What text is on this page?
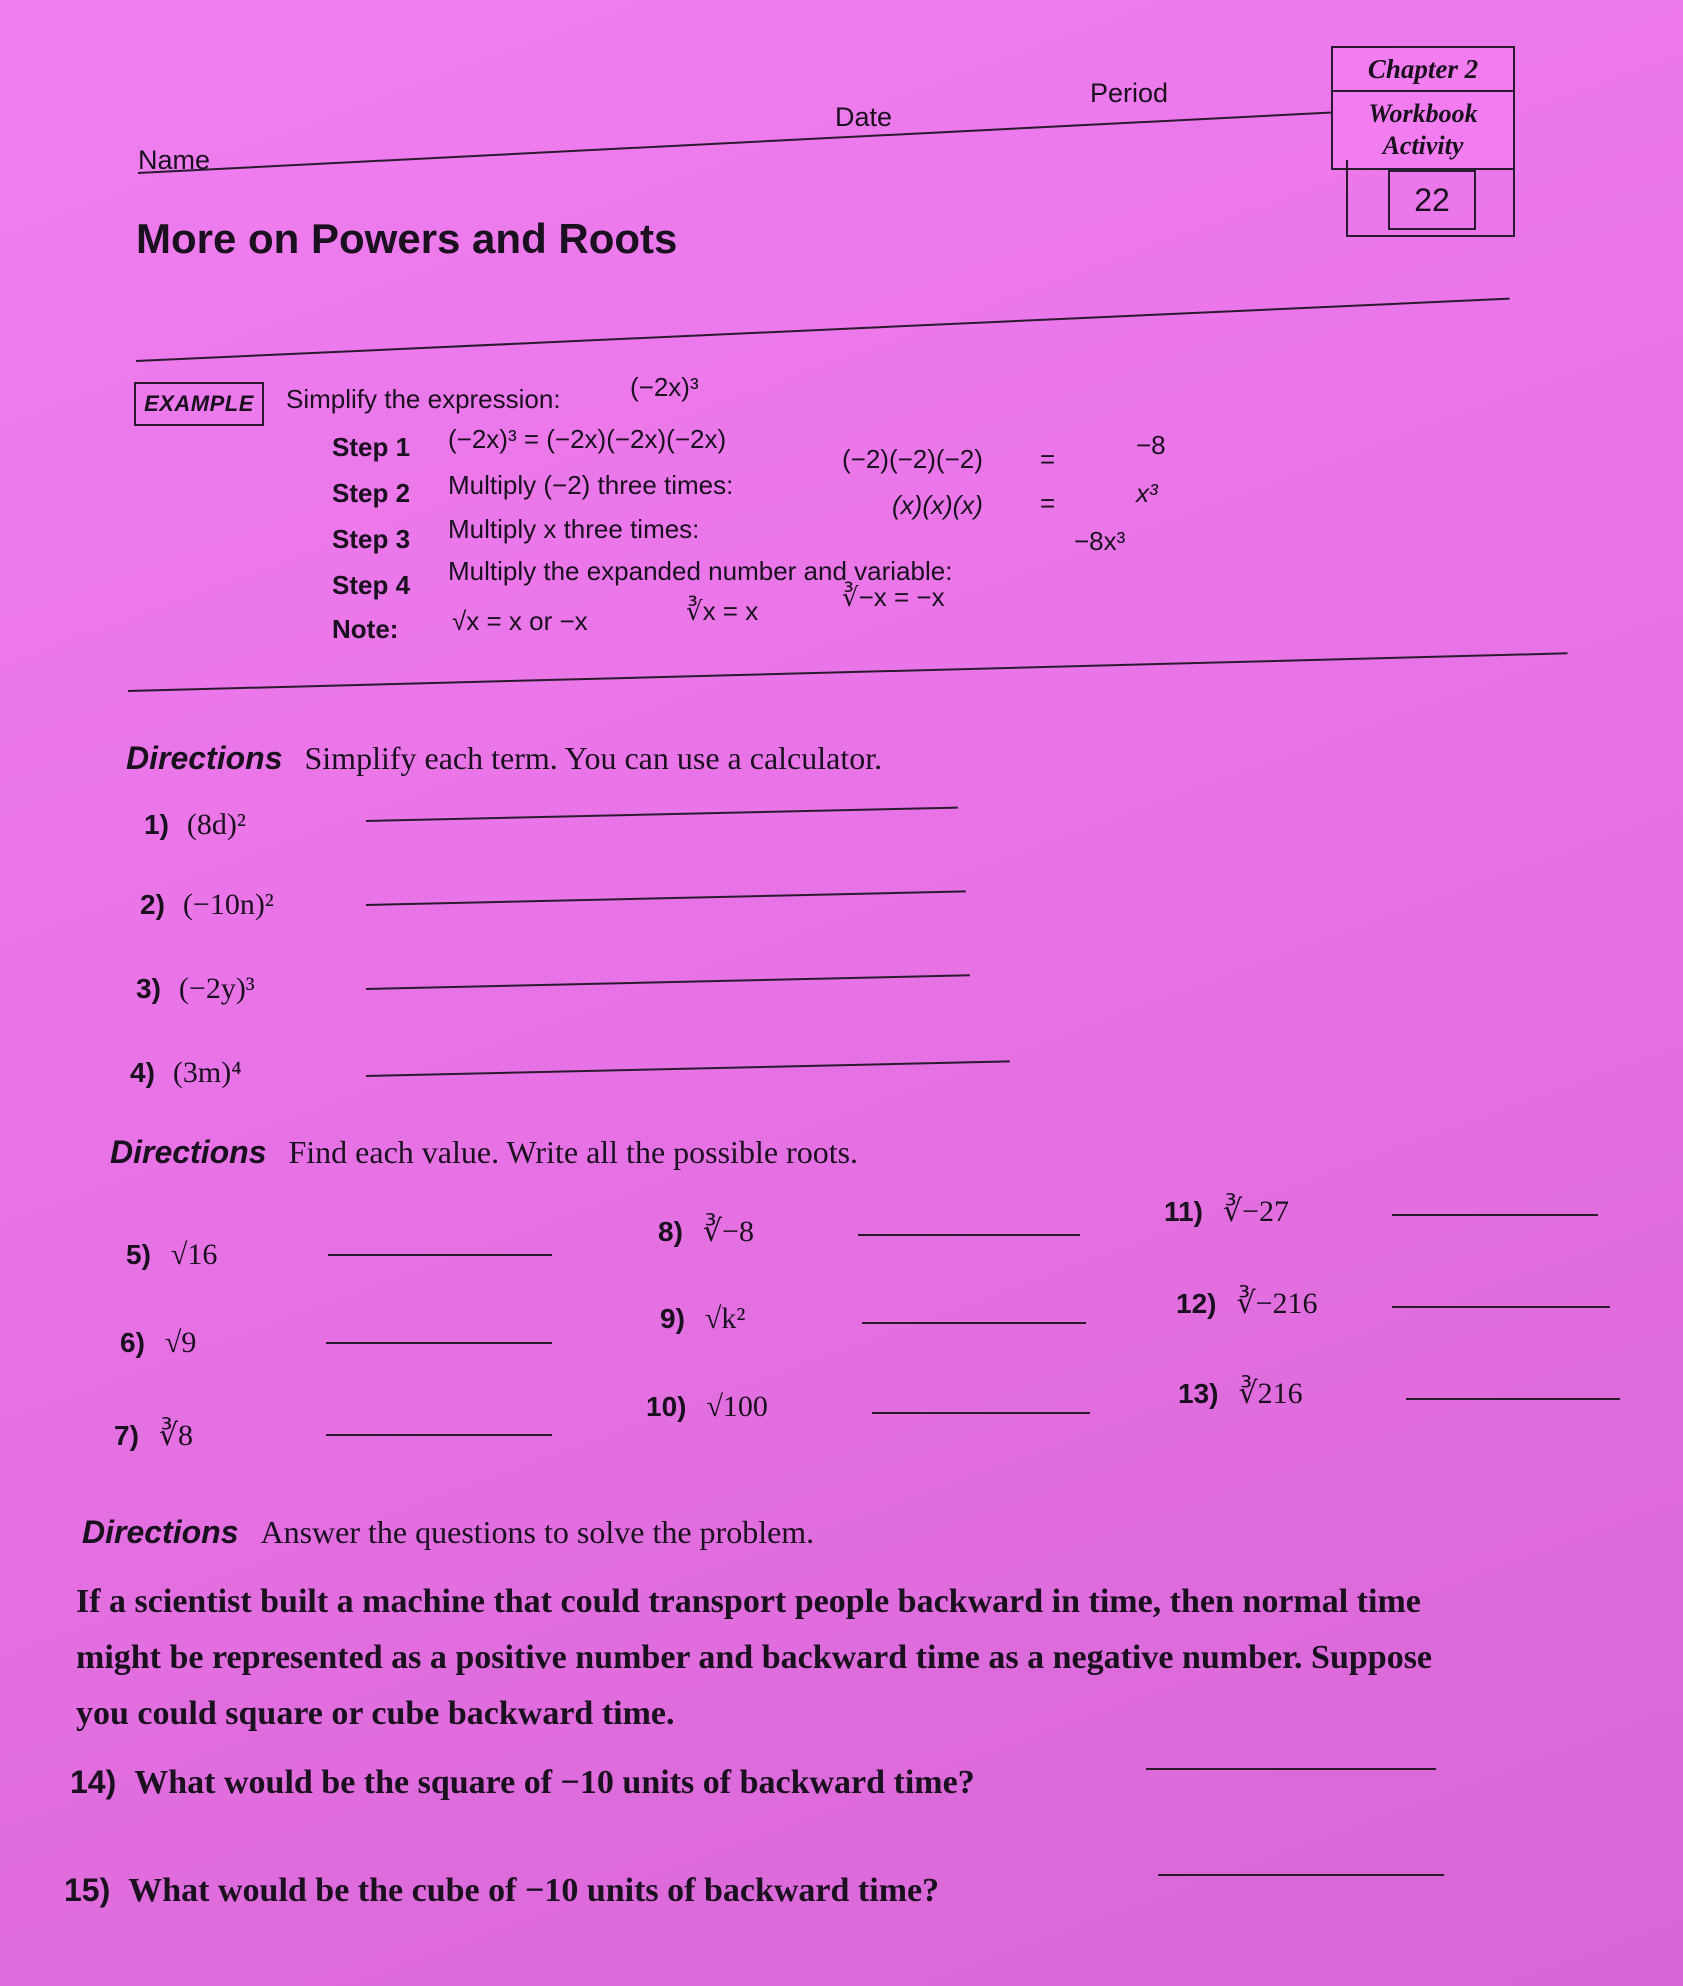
Name
Date
Period
Chapter 2
Workbook
Activity
22
More on Powers and Roots
EXAMPLE	Simplify the expression:	(−2x)³
Step 1 (−2x)³ = (−2x)(−2x)(−2x)
Step 2 Multiply (−2) three times:
(−2)(−2)(−2) =	−8
Step 3 Multiply x three times:
(x)(x)(x) =	x³
Step 4 Multiply the expanded number and variable:
−8x³
Note: √x = x or −x	∛x = x	∛−x = −x
Directions Simplify each term. You can use a calculator.
1) (8d)²
2) (−10n)²
3) (−2y)³
4) (3m)⁴
Directions Find each value. Write all the possible roots.
5) √16
6) √9
7) ∛8
8) ∛−8
9) √k²
10) √100
11) ∛−27
12) ∛−216
13) ∛216
Directions Answer the questions to solve the problem.
If a scientist built a machine that could transport people backward in time, then normal time
might be represented as a positive number and backward time as a negative number. Suppose
you could square or cube backward time.
14) What would be the square of −10 units of backward time?
15) What would be the cube of −10 units of backward time?
